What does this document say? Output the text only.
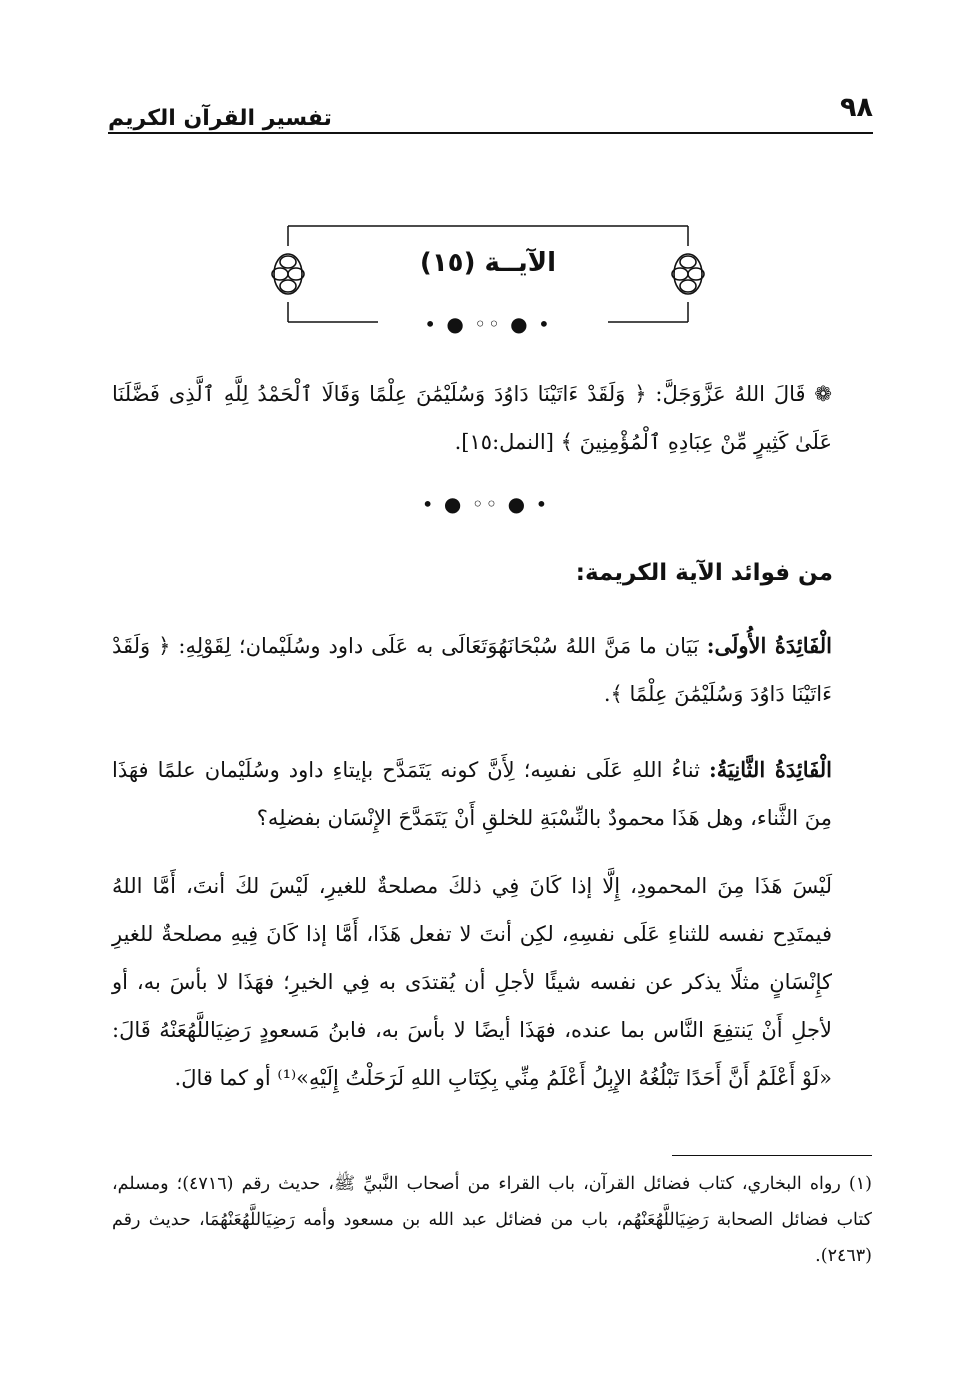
٩٨
تفسير القرآن الكريم
الآيــة (١٥)
• ● ◦◦ ● •
❁ قَالَ اللهُ عَزَّوَجَلَّ: ﴿ وَلَقَدْ ءَاتَيْنَا دَاوُدَ وَسُلَيْمَٰنَ عِلْمًا وَقَالَا ٱلْحَمْدُ لِلَّهِ ٱلَّذِى فَضَّلَنَا عَلَىٰ كَثِيرٍ مِّنْ عِبَادِهِ ٱلْمُؤْمِنِينَ ﴾ [النمل:١٥].
• ● ◦◦ ● •
من فوائد الآية الكريمة:
الْفَائِدَةُ الأُولَى: بَيَان ما مَنَّ اللهُ سُبْحَانَهُوَتَعَالَى به عَلَى داود وسُلَيْمان؛ لِقَوْلِهِ: ﴿ وَلَقَدْ ءَاتَيْنَا دَاوُدَ وَسُلَيْمَٰنَ عِلْمًا ﴾.
الْفَائِدَةُ الثَّانِيَةُ: ثناءُ اللهِ عَلَى نفسِه؛ لِأَنَّ كونه يَتَمَدَّح بإيتاءِ داود وسُلَيْمان علمًا فهَذَا مِنَ الثَّناء، وهل هَذَا محمودٌ بالنِّسْبَةِ للخلقِ أَنْ يَتَمَدَّحَ الإِنْسَان بفضلِه؟
لَيْسَ هَذَا مِنَ المحمودِ، إِلَّا إذا كَانَ فِي ذلكَ مصلحةٌ للغيرِ، لَيْسَ لكَ أنتَ، أَمَّا اللهُ فيمتَدِح نفسه للثناءِ عَلَى نفسِهِ، لكِن أنتَ لا تفعل هَذَا، أَمَّا إذا كَانَ فِيهِ مصلحةٌ للغيرِ كإِنْسَانٍ مثلًا يذكر عن نفسه شيئًا لأجلِ أن يُقتدَى به فِي الخيرِ؛ فهَذَا لا بأسَ به، أو لأجلِ أَنْ يَنتفِعَ النَّاس بما عنده، فهَذَا أيضًا لا بأسَ به، فابنُ مَسعودٍ رَضِيَاللَّهُعَنْهُ قَالَ: «لَوْ أَعْلَمُ أَنَّ أَحَدًا تَبْلُغُهُ الإِبِلُ أَعْلَمُ مِنِّي بِكِتَابِ اللهِ لَرَحَلْتُ إِلَيْهِ»⁽¹⁾ أو كما قالَ.
(١) رواه البخاري، كتاب فضائل القرآن، باب القراء من أصحاب النَّبيِّ ﷺ، حديث رقم (٤٧١٦)؛ ومسلم، كتاب فضائل الصحابة رَضِيَاللَّهُعَنْهُم، باب من فضائل عبد الله بن مسعود وأمه رَضِيَاللَّهُعَنْهُمَا، حديث رقم (٢٤٦٣).
